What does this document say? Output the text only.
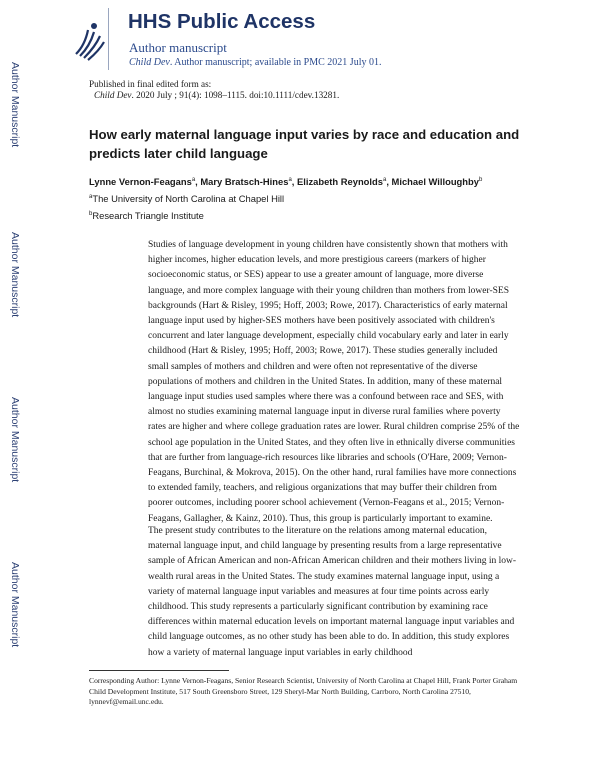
Author Manuscript
Author Manuscript
Author Manuscript
Author Manuscript
HHS Public Access
Author manuscript
Child Dev. Author manuscript; available in PMC 2021 July 01.
Published in final edited form as:
Child Dev. 2020 July ; 91(4): 1098–1115. doi:10.1111/cdev.13281.
How early maternal language input varies by race and education and predicts later child language
Lynne Vernon-Feagans$^a$, Mary Bratsch-Hines$^a$, Elizabeth Reynolds$^a$, Michael Willoughby$^b$
$^a$The University of North Carolina at Chapel Hill
$^b$Research Triangle Institute

Studies of language development in young children have consistently shown that mothers with higher incomes, higher education levels, and more prestigious careers (markers of higher socioeconomic status, or SES) appear to use a greater amount of language, more diverse language, and more complex language with their young children than mothers from lower-SES backgrounds (Hart & Risley, 1995; Hoff, 2003; Rowe, 2017). Characteristics of early maternal language input used by higher-SES mothers have been positively associated with children's concurrent and later language development, especially child vocabulary early and later in early childhood (Hart & Risley, 1995; Hoff, 2003; Rowe, 2017). These studies generally included small samples of mothers and children and were often not representative of the diverse populations of mothers and children in the United States. In addition, many of these maternal language input studies used samples where there was a confound between race and SES, with almost no studies examining maternal language input in diverse rural families where poverty rates are higher and where college graduation rates are lower. Rural children comprise 25% of the school age population in the United States, and they often live in ethnically diverse communities that are further from language-rich resources like libraries and schools (O'Hare, 2009; Vernon-Feagans, Burchinal, & Mokrova, 2015). On the other hand, rural families have more connections to extended family, teachers, and religious organizations that may buffer their children from poorer outcomes, including poorer school achievement (Vernon-Feagans et al., 2015; Vernon-Feagans, Gallagher, & Kainz, 2010). Thus, this group is particularly important to examine.

The present study contributes to the literature on the relations among maternal education, maternal language input, and child language by presenting results from a large representative sample of African American and non-African American children and their mothers living in low-wealth rural areas in the United States. The study examines maternal language input, using a variety of maternal language input variables and measures at four time points across early childhood. This study represents a particularly significant contribution by examining race differences within maternal education levels on important maternal language input variables and child language outcomes, as no other study has been able to do. In addition, this study explores how a variety of maternal language input variables in early childhood

Corresponding Author: Lynne Vernon-Feagans, Senior Research Scientist, University of North Carolina at Chapel Hill, Frank Porter Graham Child Development Institute, 517 South Greensboro Street, 129 Sheryl-Mar North Building, Carrboro, North Carolina 27510, lynnevf@email.unc.edu.
